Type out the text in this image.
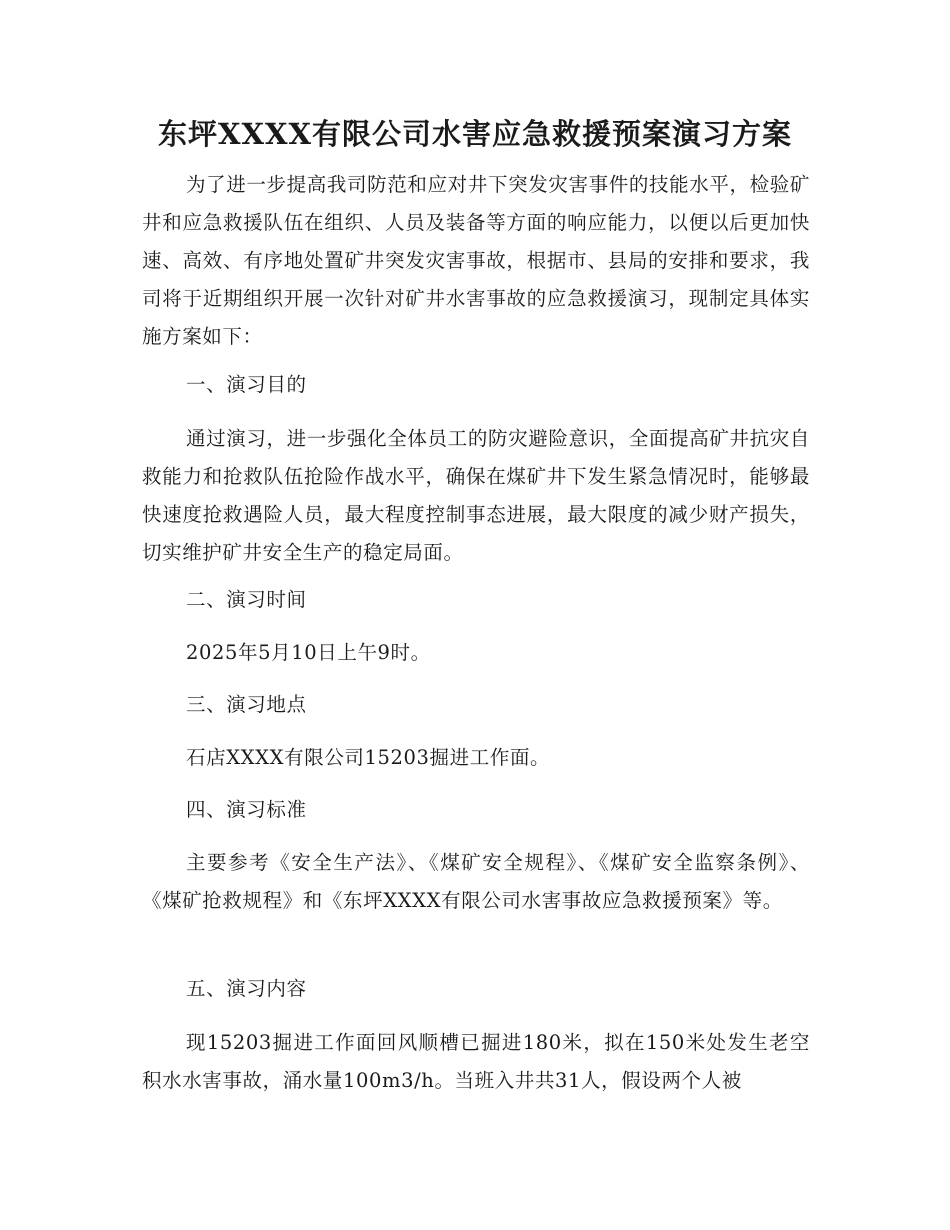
东坪XXXX有限公司水害应急救援预案演习方案

为了进一步提高我司防范和应对井下突发灾害事件的技能水平，检验矿井和应急救援队伍在组织、人员及装备等方面的响应能力，以便以后更加快速、高效、有序地处置矿井突发灾害事故，根据市、县局的安排和要求，我司将于近期组织开展一次针对矿井水害事故的应急救援演习，现制定具体实施方案如下：

一、演习目的

通过演习，进一步强化全体员工的防灾避险意识，全面提高矿井抗灾自救能力和抢救队伍抢险作战水平，确保在煤矿井下发生紧急情况时，能够最快速度抢救遇险人员，最大程度控制事态进展，最大限度的减少财产损失，切实维护矿井安全生产的稳定局面。

二、演习时间

2025年5月10日上午9时。

三、演习地点

石店XXXX有限公司15203掘进工作面。

四、演习标准

主要参考《安全生产法》、《煤矿安全规程》、《煤矿安全监察条例》、《煤矿抢救规程》和《东坪XXXX有限公司水害事故应急救援预案》等。

五、演习内容

现15203掘进工作面回风顺槽已掘进180米，拟在150米处发生老空积水水害事故，涌水量100m3/h。当班入井共31人，假设两个人被
